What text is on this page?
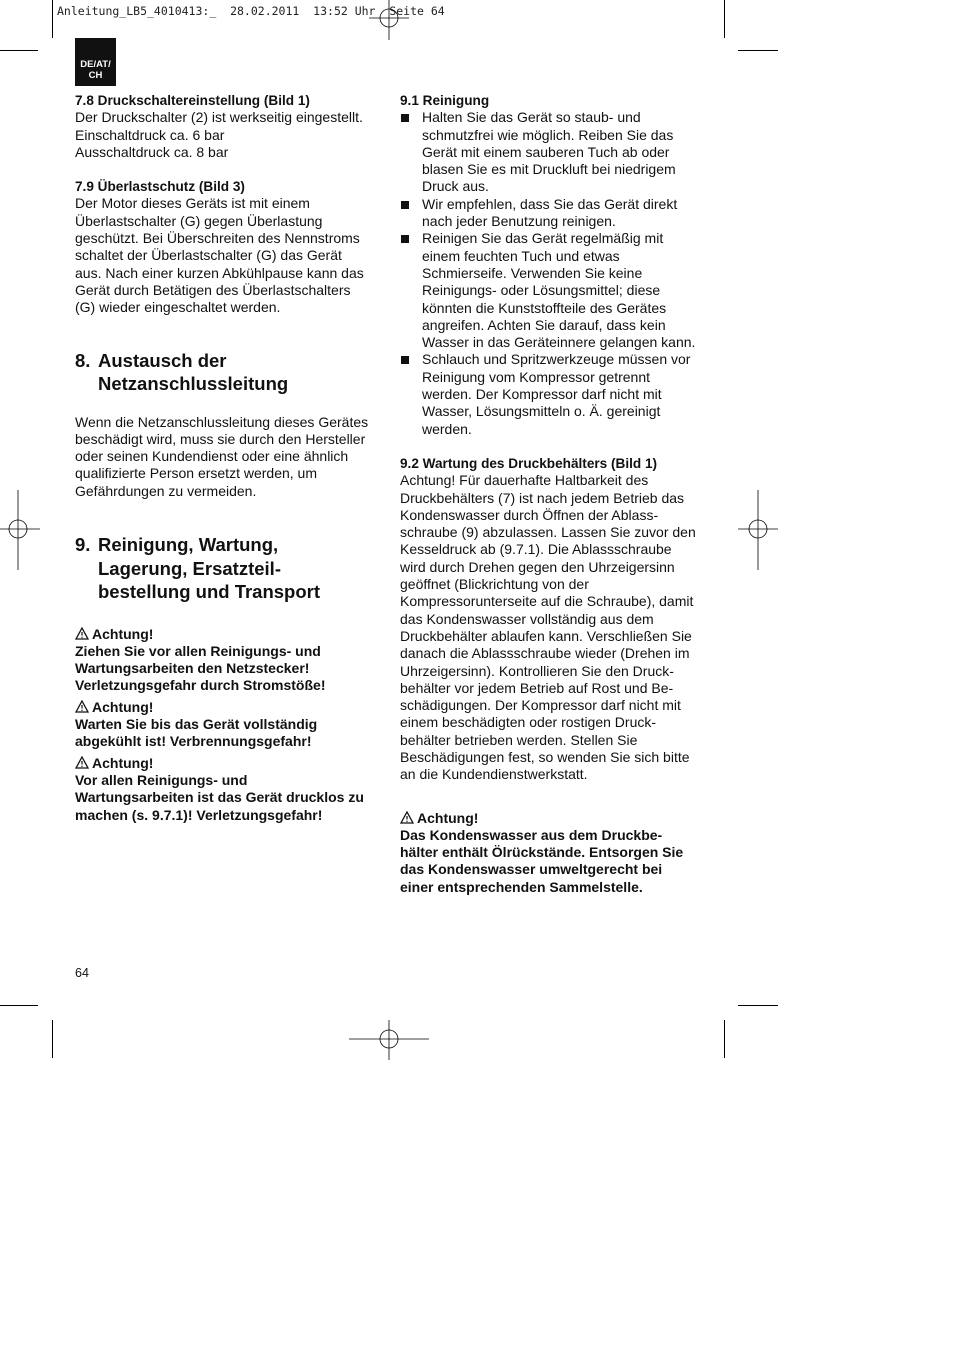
Anleitung_LB5_4010413:_  28.02.2011  13:52 Uhr  Seite 64
DE/AT/
CH

7.8 Druckschaltereinstellung (Bild 1)

Der Druckschalter (2) ist werkseitig eingestellt.

Einschaltdruck ca. 6 bar

Ausschaltdruck ca. 8 bar

7.9 Überlastschutz (Bild 3)

Der Motor dieses Geräts ist mit einem

Überlastschalter (G) gegen Überlastung

geschützt. Bei Überschreiten des Nennstroms

schaltet der Überlastschalter (G) das Gerät

aus. Nach einer kurzen Abkühlpause kann das

Gerät durch Betätigen des Überlastschalters

(G) wieder eingeschaltet werden.

8. Austausch der
Netzanschlussleitung

Wenn die Netzanschlussleitung dieses Gerätes

beschädigt wird, muss sie durch den Hersteller

oder seinen Kundendienst oder eine ähnlich

qualifizierte Person ersetzt werden, um

Gefährdungen zu vermeiden.

9. Reinigung, Wartung,
Lagerung, Ersatzteil-
bestellung und Transport
Achtung!

Ziehen Sie vor allen Reinigungs- und

Wartungsarbeiten den Netzstecker!

Verletzungsgefahr durch Stromstöße!

Achtung!

Warten Sie bis das Gerät vollständig

abgekühlt ist! Verbrennungsgefahr!

Achtung!

Vor allen Reinigungs- und

Wartungsarbeiten ist das Gerät drucklos zu

machen (s. 9.7.1)! Verletzungsgefahr!

9.1 Reinigung

Halten Sie das Gerät so staub- und

schmutzfrei wie möglich. Reiben Sie das

Gerät mit einem sauberen Tuch ab oder

blasen Sie es mit Druckluft bei niedrigem

Druck aus.

Wir empfehlen, dass Sie das Gerät direkt

nach jeder Benutzung reinigen.

Reinigen Sie das Gerät regelmäßig mit

einem feuchten Tuch und etwas

Schmierseife. Verwenden Sie keine

Reinigungs- oder Lösungsmittel; diese

könnten die Kunststoffteile des Gerätes

angreifen. Achten Sie darauf, dass kein

Wasser in das Geräteinnere gelangen kann.

Schlauch und Spritzwerkzeuge müssen vor

Reinigung vom Kompressor getrennt

werden. Der Kompressor darf nicht mit

Wasser, Lösungsmitteln o. Ä. gereinigt

werden.

9.2 Wartung des Druckbehälters (Bild 1)

Achtung! Für dauerhafte Haltbarkeit des

Druckbehälters (7) ist nach jedem Betrieb das

Kondenswasser durch Öffnen der Ablass-

schraube (9) abzulassen. Lassen Sie zuvor den

Kesseldruck ab (9.7.1). Die Ablassschraube

wird durch Drehen gegen den Uhrzeigersinn

geöffnet (Blickrichtung von der

Kompressorunterseite auf die Schraube), damit

das Kondenswasser vollständig aus dem

Druckbehälter ablaufen kann. Verschließen Sie

danach die Ablassschraube wieder (Drehen im

Uhrzeigersinn). Kontrollieren Sie den Druck-

behälter vor jedem Betrieb auf Rost und Be-

schädigungen. Der Kompressor darf nicht mit

einem beschädigten oder rostigen Druck-

behälter betrieben werden. Stellen Sie

Beschädigungen fest, so wenden Sie sich bitte

an die Kundendienstwerkstatt.

Achtung!

Das Kondenswasser aus dem Druckbe-

hälter enthält Ölrückstände. Entsorgen Sie

das Kondenswasser umweltgerecht bei

einer entsprechenden Sammelstelle.

64
